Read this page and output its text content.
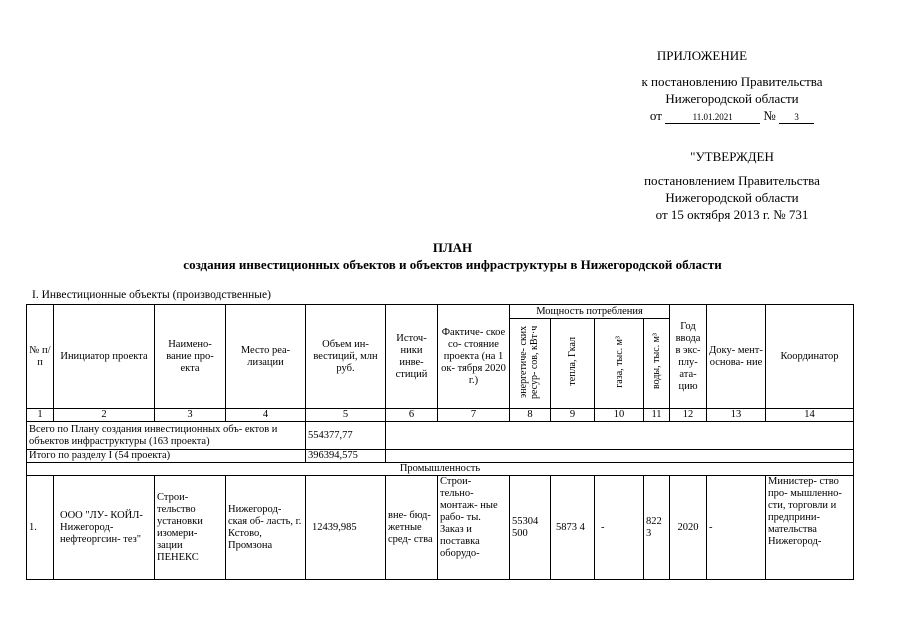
ПРИЛОЖЕНИЕ
к постановлению Правительства
Нижегородской области
от	11.01.2021 № 3
"УТВЕРЖДЕН
постановлением Правительства
Нижегородской области
от 15 октября 2013 г. № 731
ПЛАН
создания инвестиционных объектов и объектов инфраструктуры в Нижегородской области
I. Инвестиционные объекты (производственные)
№ п/п	Инициатор проекта	Наимено- вание про- екта	Место реа- лизации	Объем ин- вестиций, млн руб.	Источ- ники инве- стиций	Фактиче- ское со- стояние проекта (на 1 ок- тября 2020 г.)	Мощность потребления				Год ввода в экс- плу- ата- цию	Доку- мент- основа- ние	Координатор
							энергетиче- ских ресур- сов, кВт·ч	тепла, Гкал	газа, тыс. м³	воды, тыс. м³			
1	2	3	4	5	6	7	8	9	10	11	12	13	14
Всего по Плану создания инвестиционных объ- ектов и объектов инфраструктуры (163 проекта)				554377,77									
Итого по разделу I (54 проекта)				396394,575									
Промышленность													
1.	ООО "ЛУ- КОЙЛ- Нижегород- нефтеоргсин- тез"	Строи- тельство установки изомери- зации ПЕНЕКС	Нижегород- ская об- ласть, г. Кстово, Промзона	12439,985	вне- бюд- жетные сред- ства	Строи- тельно- монтаж- ные рабо- ты. Заказ и поставка оборудо-	55304 500	5873 4	-	822 3	2020	-	Министер- ство про- мышленно- сти, торговли и предприни- мательства Нижегород-
